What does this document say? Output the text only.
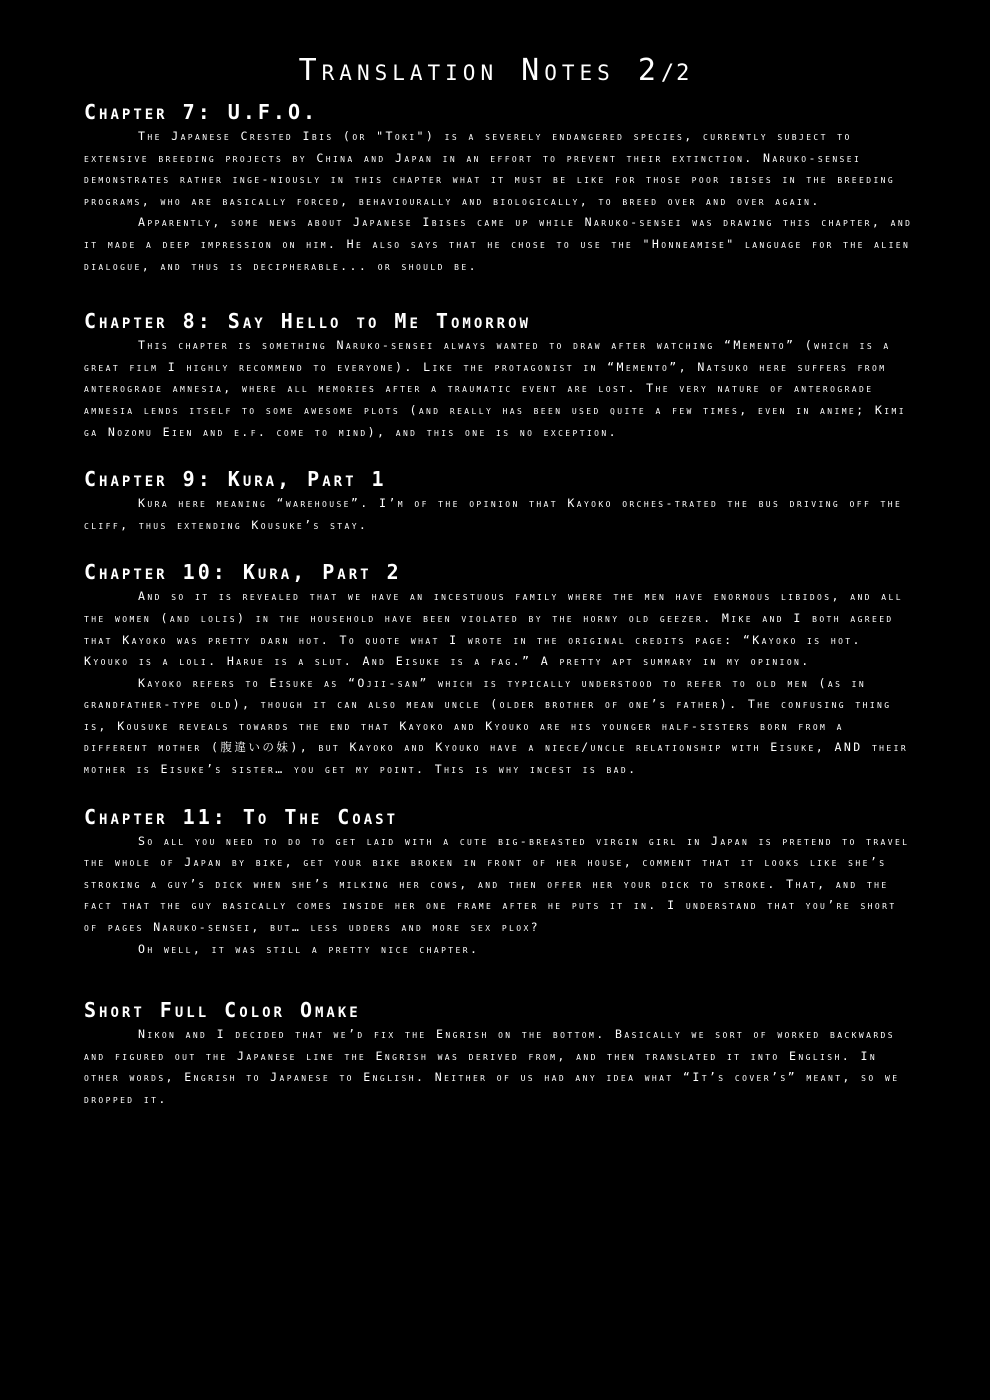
Translation Notes 2/2
Chapter 7: U.F.O.

The Japanese Crested Ibis (or "Toki") is a severely endangered species, currently subject to extensive breeding projects by China and Japan in an effort to prevent their extinction. Naruko-sensei demonstrates rather inge-niously in this chapter what it must be like for those poor ibises in the breeding programs, who are basically forced, behaviourally and biologically, to breed over and over again.

Apparently, some news about Japanese Ibises came up while Naruko-sensei was drawing this chapter, and it made a deep impression on him. He also says that he chose to use the "Honneamise" language for the alien dialogue, and thus is decipherable... or should be.

Chapter 8: Say Hello to Me Tomorrow

This chapter is something Naruko-sensei always wanted to draw after watching “Memento” (which is a great film I highly recommend to everyone). Like the protagonist in “Memento”, Natsuko here suffers from anterograde amnesia, where all memories after a traumatic event are lost. The very nature of anterograde amnesia lends itself to some awesome plots (and really has been used quite a few times, even in anime; Kimi ga Nozomu Eien and e.f. come to mind), and this one is no exception.

Chapter 9: Kura, Part 1

Kura here meaning “warehouse”. I’m of the opinion that Kayoko orches-trated the bus driving off the cliff, thus extending Kousuke’s stay.

Chapter 10: Kura, Part 2

And so it is revealed that we have an incestuous family where the men have enormous libidos, and all the women (and lolis) in the household have been violated by the horny old geezer. Mike and I both agreed that Kayoko was pretty darn hot. To quote what I wrote in the original credits page: “Kayoko is hot. Kyouko is a loli. Harue is a slut. And Eisuke is a fag.” A pretty apt summary in my opinion.

Kayoko refers to Eisuke as “Ojii-san” which is typically understood to refer to old men (as in grandfather-type old), though it can also mean uncle (older brother of one’s father). The confusing thing is, Kousuke reveals towards the end that Kayoko and Kyouko are his younger half-sisters born from a different mother (腹違いの妹), but Kayoko and Kyouko have a niece/uncle relationship with Eisuke, AND their mother is Eisuke’s sister… you get my point. This is why incest is bad.

Chapter 11: To The Coast

So all you need to do to get laid with a cute big-breasted virgin girl in Japan is pretend to travel the whole of Japan by bike, get your bike broken in front of her house, comment that it looks like she’s stroking a guy’s dick when she’s milking her cows, and then offer her your dick to stroke. That, and the fact that the guy basically comes inside her one frame after he puts it in. I understand that you’re short of pages Naruko-sensei, but… less udders and more sex plox?

Oh well, it was still a pretty nice chapter.

Short Full Color Omake

Nikon and I decided that we’d fix the Engrish on the bottom. Basically we sort of worked backwards and figured out the Japanese line the Engrish was derived from, and then translated it into English. In other words, Engrish to Japanese to English. Neither of us had any idea what “It’s cover’s” meant, so we dropped it.
